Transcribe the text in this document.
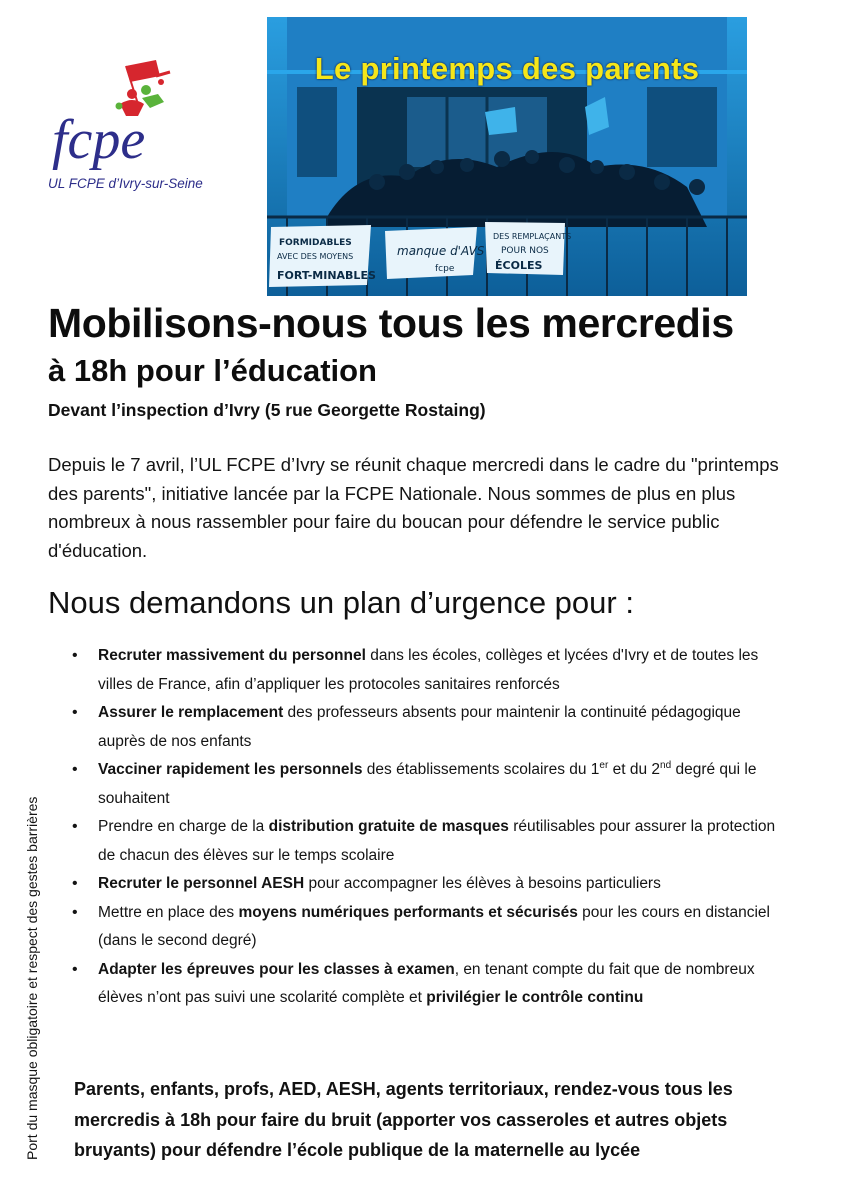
fcpe
UL FCPE d’Ivry-sur-Seine
FORMIDABLES
AVEC DES MOYENS
FORT-MINABLES
manque d'AVS
fcpe
DES REMPLAÇANTS
POUR NOS
ÉCOLES
Le printemps des parents
Mobilisons-nous tous les mercredis
à 18h pour l’éducation
Devant l’inspection d’Ivry (5 rue Georgette Rostaing)
Depuis le 7 avril, l’UL FCPE d’Ivry se réunit chaque mercredi dans le cadre du "printemps des parents", initiative lancée par la FCPE Nationale. Nous sommes de plus en plus nombreux à nous rassembler pour faire du boucan pour défendre le service public d'éducation.
Nous demandons un plan d’urgence pour :
• Recruter massivement du personnel dans les écoles, collèges et lycées d'Ivry et de toutes les villes de France, afin d’appliquer les protocoles sanitaires renforcés
• Assurer le remplacement des professeurs absents pour maintenir la continuité pédagogique auprès de nos enfants
• Vacciner rapidement les personnels des établissements scolaires du 1er et du 2nd degré qui le souhaitent
• Prendre en charge de la distribution gratuite de masques réutilisables pour assurer la protection de chacun des élèves sur le temps scolaire
• Recruter le personnel AESH pour accompagner les élèves à besoins particuliers
• Mettre en place des moyens numériques performants et sécurisés pour les cours en distanciel (dans le second degré)
• Adapter les épreuves pour les classes à examen, en tenant compte du fait que de nombreux élèves n’ont pas suivi une scolarité complète et privilégier le contrôle continu
Port du masque obligatoire et respect des gestes barrières Parents, enfants, profs, AED, AESH, agents territoriaux, rendez-vous tous les mercredis à 18h pour faire du bruit (apporter vos casseroles et autres objets bruyants) pour défendre l’école publique de la maternelle au lycée
